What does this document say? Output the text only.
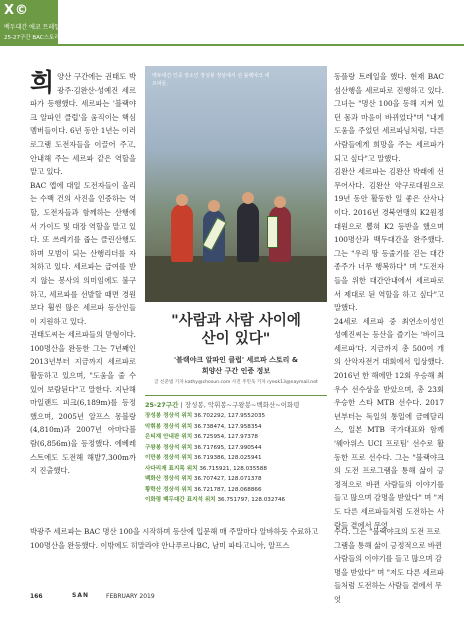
X©
백두대간 에코 트레일
25-27구간 BAC스토리
희 양산 구간에는 권태도 박광주·김완산·성예진 세르파가 동행했다. 세르파는 '블랙야크 알파인 클럽'을 움직이는 핵심 멤버들이다. 6년 동안 1년는 이러 로그램 도전자들을 이끌어 주고, 안내해 주는 세르파 같은 역할을 맡고 있다.

BAC 앱에 대일 도전자들이 올리는 수백 건의 사진을 인증하는 역할, 도전자들과 함께하는 산행에서 가이드 및 대장 역할을 맡고 있다. 또 쓰레기를 줍는 클린산행도 하며 모범이 되는 산행리더를 자처하고 있다. 세르파는 급여를 받지 않는 봉사의 의미임에도 불구하고, 세르파를 선발할 때면 경원보다 훨씬 많은 세르파 등산인들이 지원하고 있다.

권태도씨는 세르파들의 맏형이다. 100명산을 완등한 그는 7년째인 2013년부터 지금까지 세르파로 활동하고 있으며, "도움을 줄 수 있어 보람된다"고 말한다. 지난해 마일랜드 피크(6,189m)를 등정했으며, 2005년 알프스 몽블랑(4,810m)과 2007년 아마다블람(6,856m)을 등정했다. 에베레스트에도 도전해 해발7,300m까지 진출했다.

백두대간 인증 장소인 장성봉 정상에서 선 블랙야크 세르파들.
"사람과 사람 사이에
산이 있다"
'블랙야크 알파인 클럽' 세르파 스토리 &
희양산 구간 인증 정보
글 신준범 기자 kathy@chosun.com 사진 주민욱 기자 ryeok13@naymail.net
25-27구간 | 장성봉, 악휘봉~구왕봉~백화산~이화령
장성봉 정상석 위치 36.702292, 127.9552035
악휘봉 정상석 위치 36.738474, 127.958354
은티재 안내판 위치 36.725954, 127.97378
구왕봉 정상석 위치 36.717695, 127.990544
이만봉 정상석 위치 36.719386, 128.025941
사다리재 표지목 위치 36.715921, 128.035588
백화산 정상석 위치 36.707427, 128.071378
황학산 정상석 위치 36.721787, 128.068866
이화령 백두대간 표지석 위치 36.751797, 128.032746

동플랑 트레일을 했다. 현재 BAC 섬산행을 세르파로 진행하고 있다. 그녀는 "명산 100을 동해 지켜 있던 몸과 마음이 바뀌었다"며 "내게 도움을 주었던 세르파님처럼, 다른 사람들에게 희망을 주는 세르파가 되고 싶다"고 말했다.

김완산 세르파는 김완산 박래에 선무어사다. 김완산 약구로대원으로 19년 동안 활동한 일 좋은 산사나이다. 2016년 경북연맹의 K2원정대원으로 뽑혀 K2 등반을 했으며 100명산과 백두대간을 완주했다. 그는 "우리 땅 등줄기를 걷는 대간종주가 너무 행복하다" 며 "도전자들을 위한 대간안내에서 세르파로서 제대로 된 역할을 하고 싶다"고 말했다.

24세로 세르파 중 최연소이성인 성예진씨는 등산을 즐기는 '바이크 세르파'다. 지금까지 총 500여 개의 산악자전거 대회에서 입상했다. 2016년 한 해에만 12회 우승해 최우수 선수상을 받았으며, 총 23회 우승한 스타 MTB 선수다. 2017년부터는 독일의 통일에 금메달리스, 일본 MTB 국가대표와 함께 '웨아위스 UCI 프로팀' 선수로 활동한 프로 선수다. 그는 "블랙야크의 도전 프로그램을 통해 삶이 긍정적으로 바뀐 사람들의 이야기를 들고 많으며 감명을 받았다" 며 "저도 다른 세르파들처럼 도전하는 사람들 곁에서 무엇

박광주 세르파는 BAC 명산 100을 시작하며 등산에 입문해 매 주말마다 알바하듯 수료하고 100명산을 완등했다. 이밖에도 히말라야 안나푸르나BC, 남미 파타고니아, 알프스
수다. 그는 "블랙야크의 도전 프로그램을 통해 삶이 긍정적으로 바뀐 사람들의 이야기를 들고 많으며 감명을 받았다" 며 "저도 다른 세르파들처럼 도전하는 사람들 곁에서 무엇
166	SAN	FEBRUARY 2019
